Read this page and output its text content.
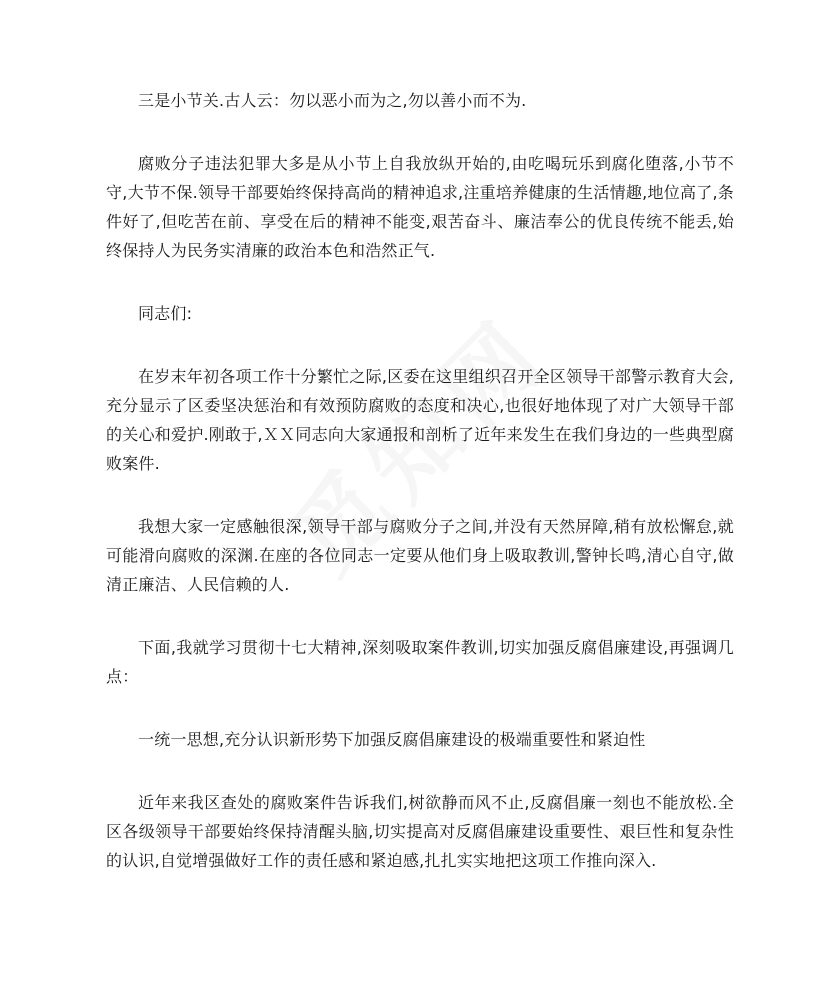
三是小节关.古人云：勿以恶小而为之,勿以善小而不为.

腐败分子违法犯罪大多是从小节上自我放纵开始的,由吃喝玩乐到腐化堕落,小节不守,大节不保.领导干部要始终保持高尚的精神追求,注重培养健康的生活情趣,地位高了,条件好了,但吃苦在前、享受在后的精神不能变,艰苦奋斗、廉洁奉公的优良传统不能丢,始终保持人为民务实清廉的政治本色和浩然正气.

同志们:

在岁末年初各项工作十分繁忙之际,区委在这里组织召开全区领导干部警示教育大会,充分显示了区委坚决惩治和有效预防腐败的态度和决心,也很好地体现了对广大领导干部的关心和爱护.刚敢于,ＸＸ同志向大家通报和剖析了近年来发生在我们身边的一些典型腐败案件.

我想大家一定感触很深,领导干部与腐败分子之间,并没有天然屏障,稍有放松懈怠,就可能滑向腐败的深渊.在座的各位同志一定要从他们身上吸取教训,警钟长鸣,清心自守,做清正廉洁、人民信赖的人.

下面,我就学习贯彻十七大精神,深刻吸取案件教训,切实加强反腐倡廉建设,再强调几点：

一统一思想,充分认识新形势下加强反腐倡廉建设的极端重要性和紧迫性

近年来我区查处的腐败案件告诉我们,树欲静而风不止,反腐倡廉一刻也不能放松.全区各级领导干部要始终保持清醒头脑,切实提高对反腐倡廉建设重要性、艰巨性和复杂性的认识,自觉增强做好工作的责任感和紧迫感,扎扎实实地把这项工作推向深入.
